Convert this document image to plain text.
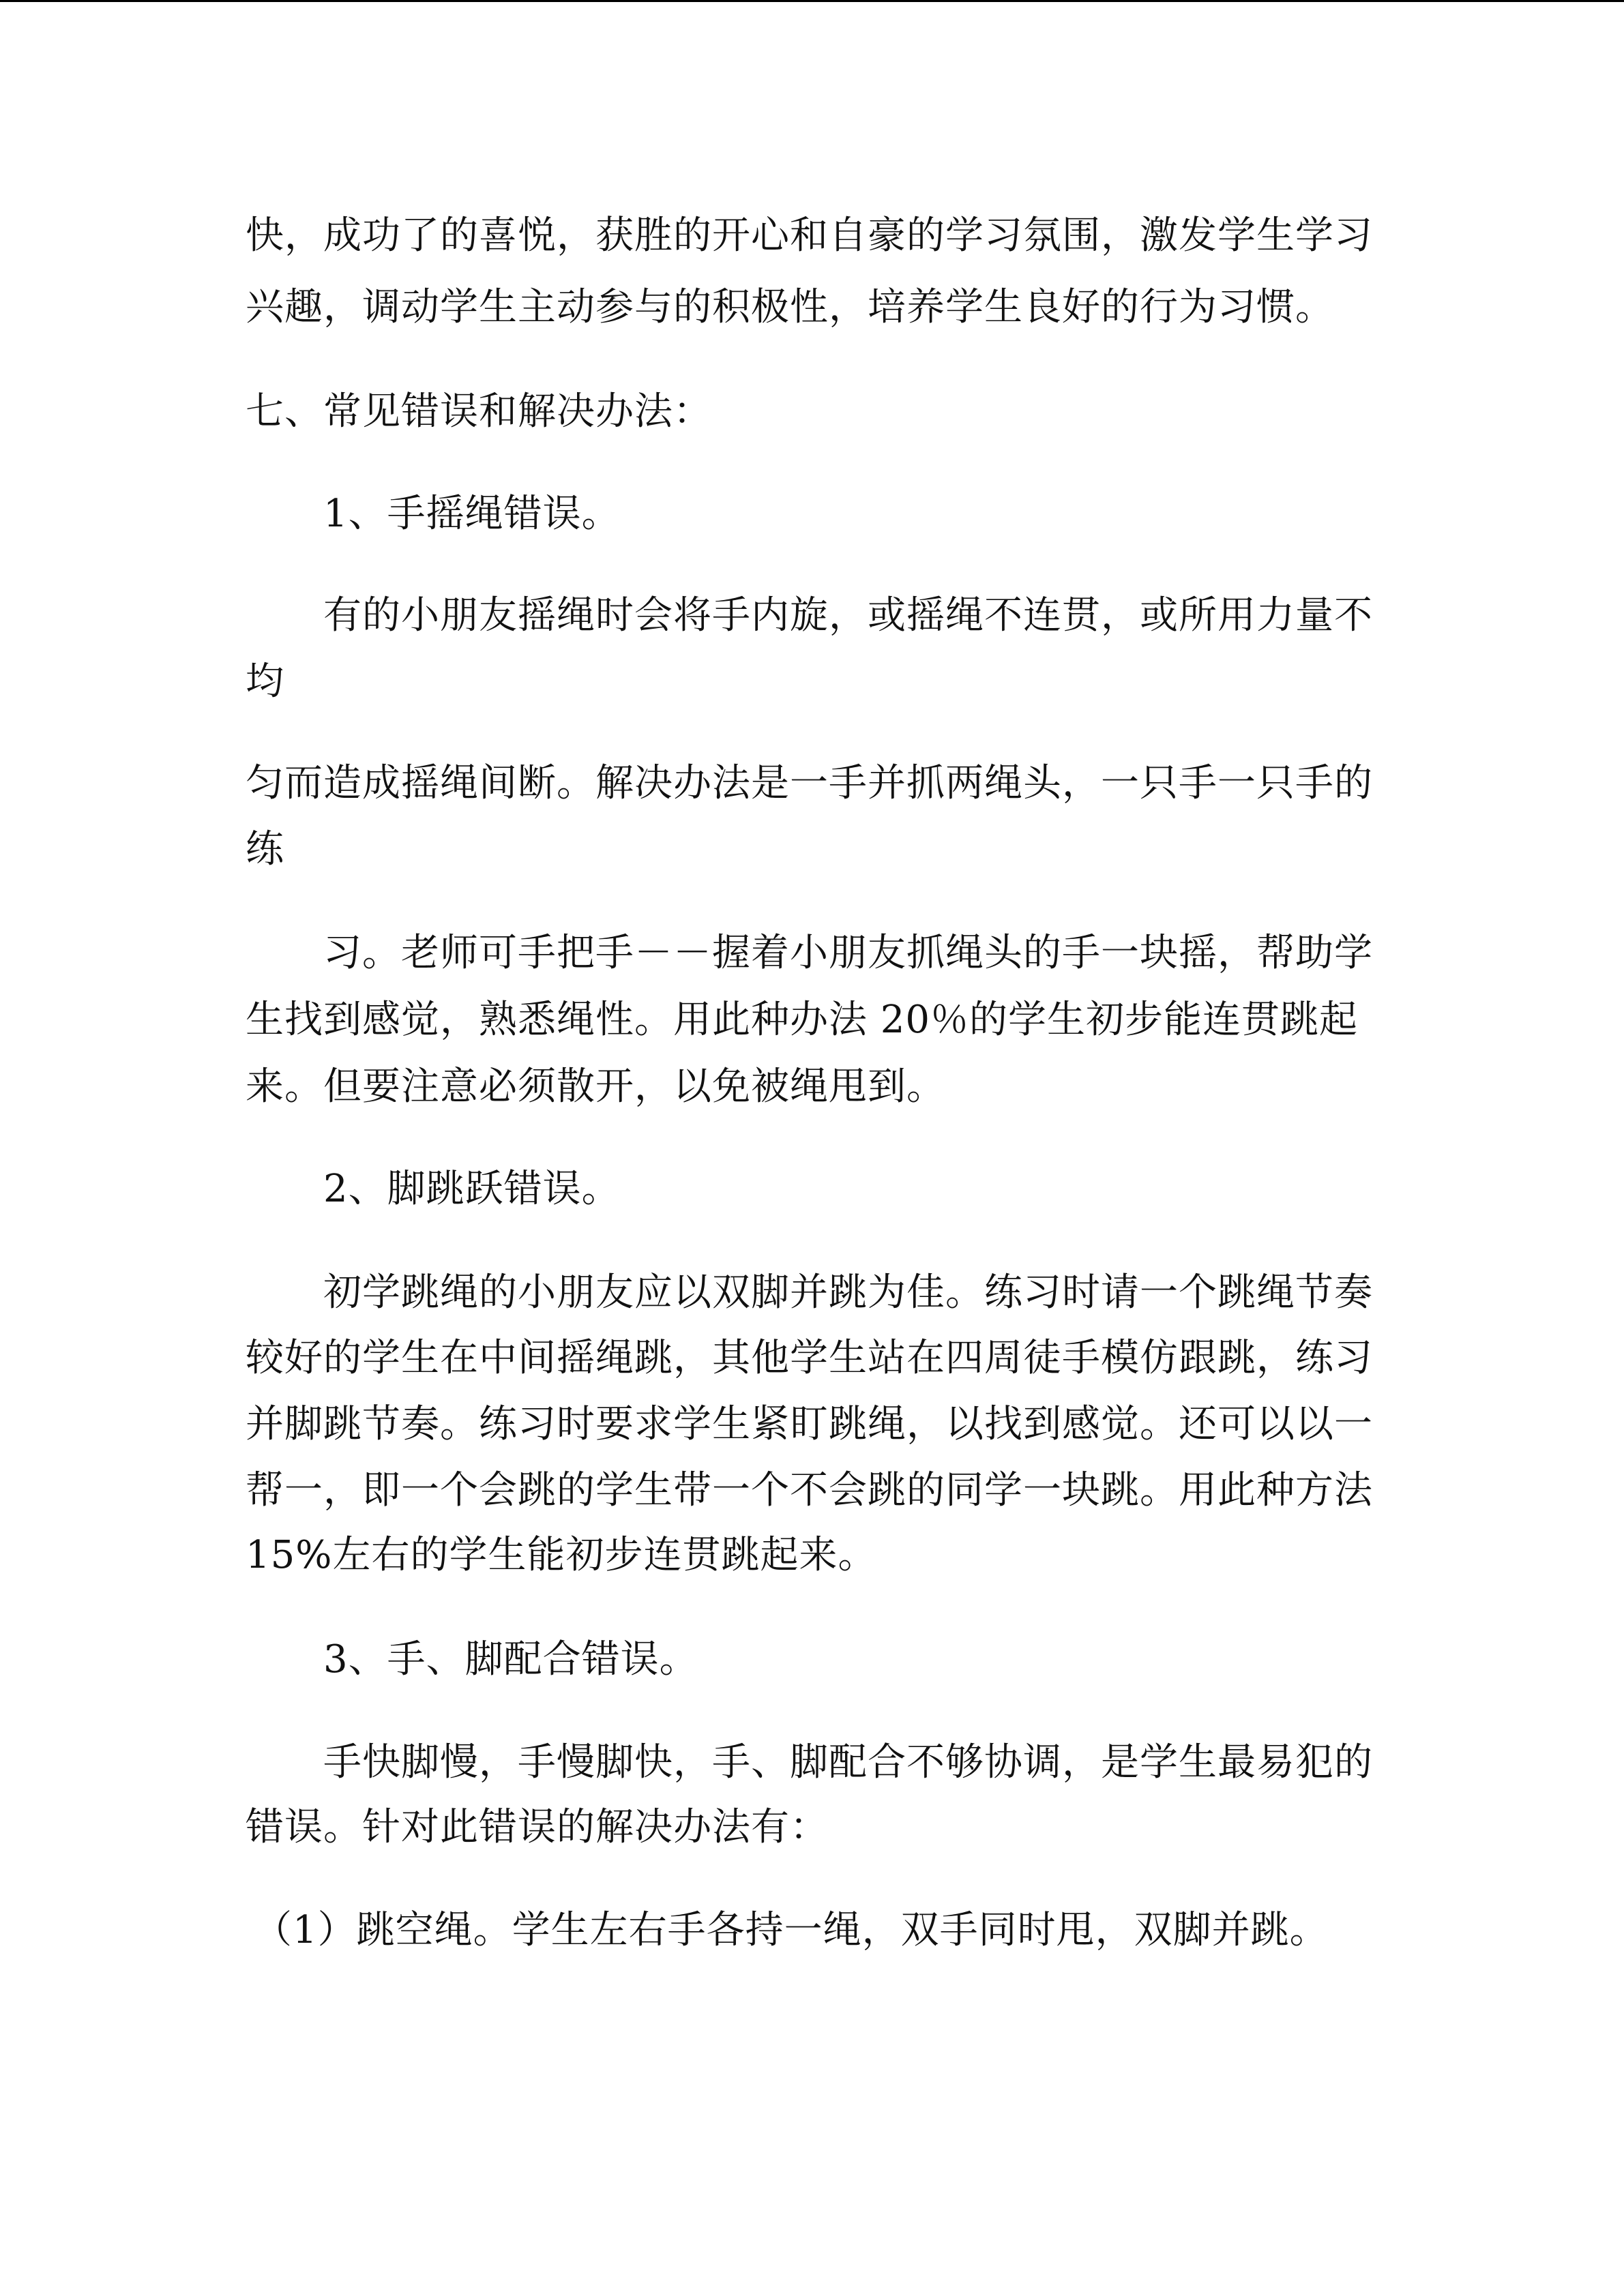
快，成功了的喜悦，获胜的开心和自豪的学习氛围，激发学生学习
兴趣，调动学生主动参与的积极性，培养学生良好的行为习惯。
七、常见错误和解决办法：
1、手摇绳错误。
有的小朋友摇绳时会将手内旋，或摇绳不连贯，或所用力量不
均
匀而造成摇绳间断。解决办法是一手并抓两绳头，一只手一只手的
练
习。老师可手把手－－握着小朋友抓绳头的手一块摇，帮助学
生找到感觉，熟悉绳性。用此种办法 20％的学生初步能连贯跳起
来。但要注意必须散开，以免被绳甩到。
2、脚跳跃错误。
初学跳绳的小朋友应以双脚并跳为佳。练习时请一个跳绳节奏
较好的学生在中间摇绳跳，其他学生站在四周徒手模仿跟跳，练习
并脚跳节奏。练习时要求学生紧盯跳绳，以找到感觉。还可以以一
帮一，即一个会跳的学生带一个不会跳的同学一块跳。用此种方法
15%左右的学生能初步连贯跳起来。
3、手、脚配合错误。
手快脚慢，手慢脚快，手、脚配合不够协调，是学生最易犯的
错误。针对此错误的解决办法有：
（1）跳空绳。学生左右手各持一绳，双手同时甩，双脚并跳。
